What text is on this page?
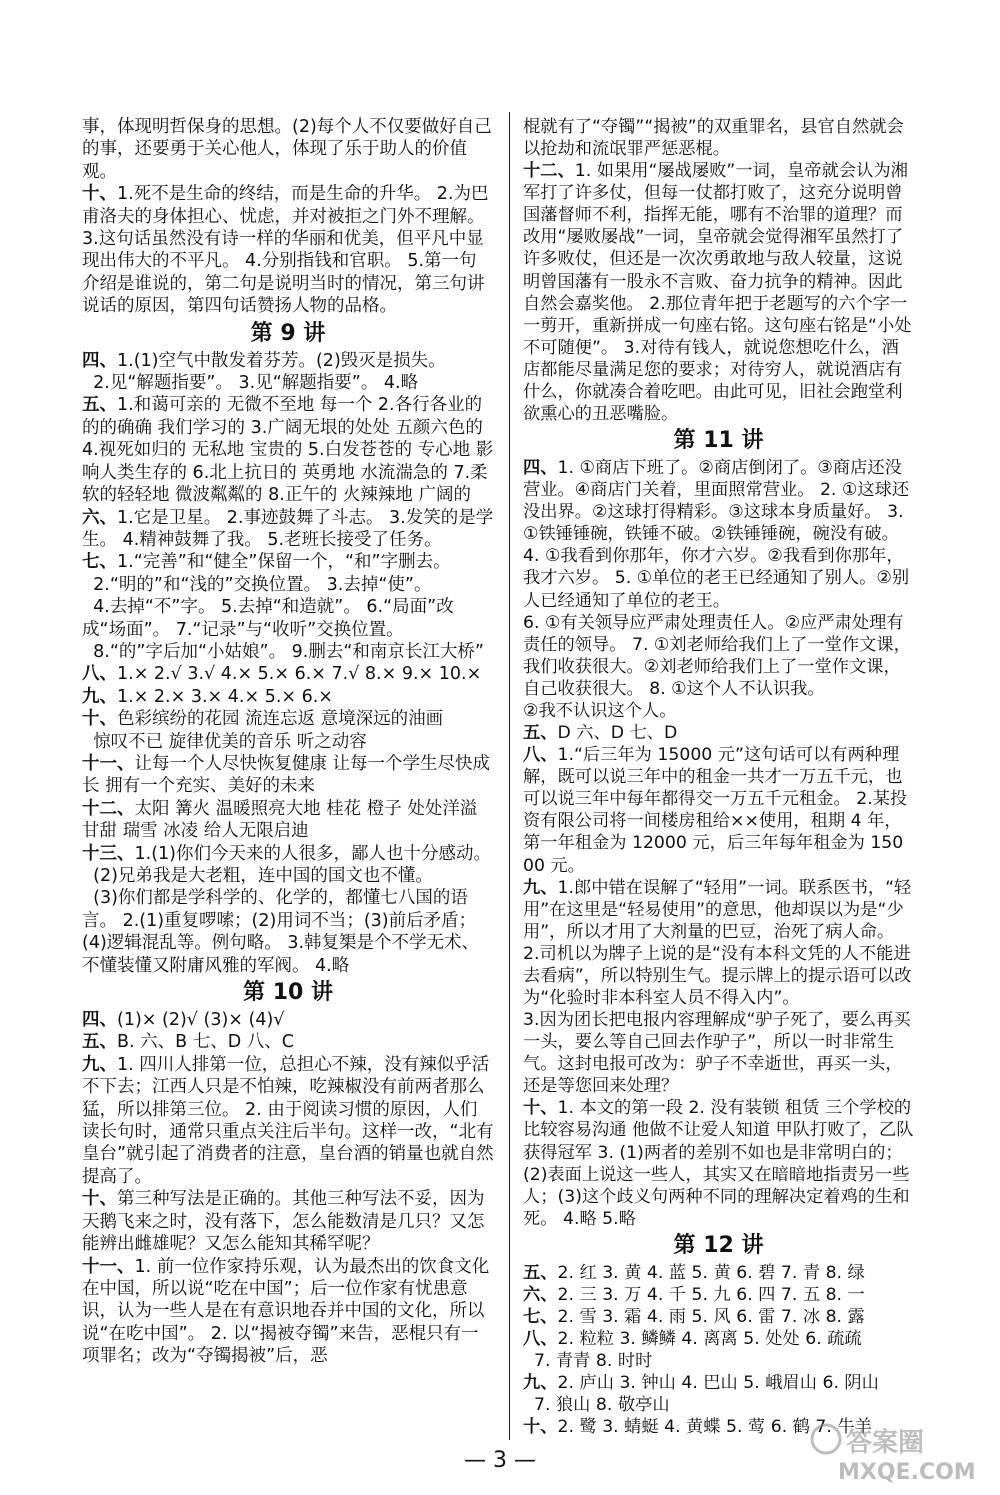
事，体现明哲保身的思想。(2)每个人不仅要做好自己的事，还要勇于关心他人，体现了乐于助人的价值观。
十、1.死不是生命的终结，而是生命的升华。 2.为巴甫洛夫的身体担心、忧虑，并对被拒之门外不理解。 3.这句话虽然没有诗一样的华丽和优美，但平凡中显现出伟大的不平凡。 4.分别指钱和官职。 5.第一句介绍是谁说的，第二句是说明当时的情况，第三句讲说话的原因，第四句话赞扬人物的品格。
第 9 讲
四、1.(1)空气中散发着芬芳。(2)毁灭是损失。
2.见“解题指要”。 3.见“解题指要”。 4.略
五、1.和蔼可亲的 无微不至地 每一个 2.各行各业的 的的确确 我们学习的 3.广阔无垠的处处 五颜六色的 4.视死如归的 无私地 宝贵的 5.白发苍苍的 专心地 影响人类生存的 6.北上抗日的 英勇地 水流湍急的 7.柔软的轻轻地 微波粼粼的 8.正午的 火辣辣地 广阔的
六、1.它是卫星。 2.事迹鼓舞了斗志。 3.发笑的是学生。 4.精神鼓舞了我。 5.老班长接受了任务。
七、1.“完善”和“健全”保留一个，“和”字删去。
2.“明的”和“浅的”交换位置。 3.去掉“使”。
4.去掉“不”字。 5.去掉“和造就”。 6.“局面”改成“场面”。 7.“记录”与“收听”交换位置。
8.“的”字后加“小姑娘”。 9.删去“和南京长江大桥”
八、1.× 2.√ 3.√ 4.× 5.× 6.× 7.√ 8.× 9.× 10.×
九、1.× 2.× 3.× 4.× 5.× 6.×
十、色彩缤纷的花园 流连忘返 意境深远的油画
惊叹不已 旋律优美的音乐 听之动容
十一、让每一个人尽快恢复健康 让每一个学生尽快成长 拥有一个充实、美好的未来
十二、太阳 篝火 温暖照亮大地 桂花 橙子 处处洋溢甘甜 瑞雪 冰凌 给人无限启迪
十三、1.(1)你们今天来的人很多，鄙人也十分感动。
(2)兄弟我是大老粗，连中国的国文也不懂。
(3)你们都是学科学的、化学的，都懂七八国的语言。 2.(1)重复啰嗦；(2)用词不当；(3)前后矛盾；(4)逻辑混乱等。例句略。 3.韩复榘是个不学无术、不懂装懂又附庸风雅的军阀。 4.略
第 10 讲
四、(1)× (2)√ (3)× (4)√
五、B. 六、B 七、D 八、C
九、1. 四川人排第一位，总担心不辣，没有辣似乎活不下去；江西人只是不怕辣，吃辣椒没有前两者那么猛，所以排第三位。 2. 由于阅读习惯的原因，人们读长句时，通常只重点关注后半句。这样一改，“北有皇台”就引起了消费者的注意，皇台酒的销量也就自然提高了。
十、第三种写法是正确的。其他三种写法不妥，因为天鹅飞来之时，没有落下，怎么能数清是几只？又怎能辨出雌雄呢？又怎么能知其稀罕呢？
十一、1. 前一位作家持乐观，认为最杰出的饮食文化在中国，所以说“吃在中国”；后一位作家有忧患意识，认为一些人是在有意识地吞并中国的文化，所以说“在吃中国”。 2. 以“揭被夺镯”来告，恶棍只有一项罪名；改为“夺镯揭被”后，恶
棍就有了“夺镯”“揭被”的双重罪名，县官自然就会以抢劫和流氓罪严惩恶棍。
十二、1. 如果用“屡战屡败”一词，皇帝就会认为湘军打了许多仗，但每一仗都打败了，这充分说明曾国藩督师不利，指挥无能，哪有不治罪的道理？而改用“屡败屡战”一词，皇帝就会觉得湘军虽然打了许多败仗，但还是一次次勇敢地与敌人较量，这说明曾国藩有一股永不言败、奋力抗争的精神。因此自然会嘉奖他。 2.那位青年把于老题写的六个字一一剪开，重新拼成一句座右铭。这句座右铭是“小处不可随便”。 3.对待有钱人，就说您想吃什么，酒店都能尽量满足您的要求；对待穷人，就说酒店有什么，你就凑合着吃吧。由此可见，旧社会跑堂利欲熏心的丑恶嘴脸。
第 11 讲
四、1. ①商店下班了。②商店倒闭了。③商店还没营业。④商店门关着，里面照常营业。 2. ①这球还没出界。②这球打得精彩。③这球本身质量好。 3. ①铁锤锤碗，铁锤不破。②铁锤锤碗，碗没有破。 4. ①我看到你那年，你才六岁。②我看到你那年，我才六岁。 5. ①单位的老王已经通知了别人。②别人已经通知了单位的老王。
6. ①有关领导应严肃处理责任人。②应严肃处理有责任的领导。 7. ①刘老师给我们上了一堂作文课，我们收获很大。②刘老师给我们上了一堂作文课，自己收获很大。 8. ①这个人不认识我。
②我不认识这个人。
五、D 六、D 七、D
八、1.“后三年为 15000 元”这句话可以有两种理解，既可以说三年中的租金一共才一万五千元，也可以说三年中每年都得交一万五千元租金。 2.某投资有限公司将一间楼房租给××使用，租期 4 年，第一年租金为 12000 元，后三年每年租金为 15000 元。
九、1.郎中错在误解了“轻用”一词。联系医书，“轻用”在这里是“轻易使用”的意思，他却误以为是“少用”，所以才用了大剂量的巴豆，治死了病人命。
2.司机以为牌子上说的是“没有本科文凭的人不能进去看病”，所以特别生气。提示牌上的提示语可以改为“化验时非本科室人员不得入内”。
3.因为团长把电报内容理解成“驴子死了，要么再买一头，要么等自己回去作驴子”，所以一时非常生气。这封电报可改为：驴子不幸逝世，再买一头，还是等您回来处理？
十、1. 本文的第一段 2. 没有装锁 租赁 三个学校的 比较容易沟通 他做不让爱人知道 甲队打败了，乙队获得冠军 3. (1)两者的差别不如也是非常明白的；(2)表面上说这一些人，其实又在暗暗地指责另一些人；(3)这个歧义句两种不同的理解决定着鸡的生和死。 4.略 5.略
第 12 讲
五、2. 红 3. 黄 4. 蓝 5. 黄 6. 碧 7. 青 8. 绿
六、2. 三 3. 万 4. 千 5. 九 6. 四 7. 五 8. 一
七、2. 雪 3. 霜 4. 雨 5. 风 6. 雷 7. 冰 8. 露
八、2. 粒粒 3. 鳞鳞 4. 离离 5. 处处 6. 疏疏
7. 青青 8. 时时
九、2. 庐山 3. 钟山 4. 巴山 5. 峨眉山 6. 阴山
7. 狼山 8. 敬亭山
十、2. 鹭 3. 蜻蜓 4. 黄蝶 5. 莺 6. 鹤 7. 牛羊
— 3 —
答案圈
MXQE.COM
